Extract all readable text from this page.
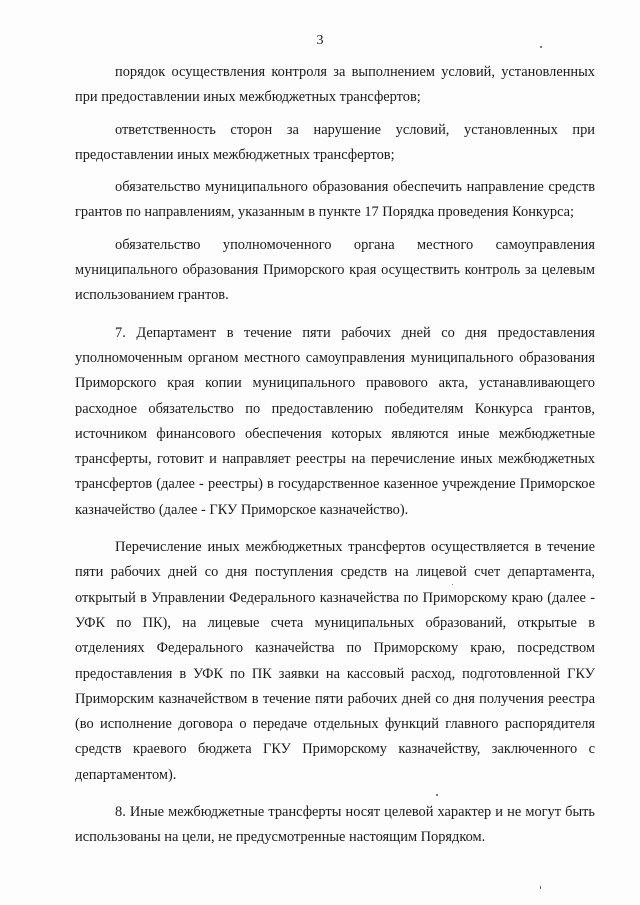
3

порядок осуществления контроля за выполнением условий, установленных при предоставлении иных межбюджетных трансфертов;

ответственность сторон за нарушение условий, установленных при предоставлении иных межбюджетных трансфертов;

обязательство муниципального образования обеспечить направление средств грантов по направлениям, указанным в пункте 17 Порядка проведения Конкурса;

обязательство уполномоченного органа местного самоуправления муниципального образования Приморского края осуществить контроль за целевым использованием грантов.

7. Департамент в течение пяти рабочих дней со дня предоставления уполномоченным органом местного самоуправления муниципального образования Приморского края копии муниципального правового акта, устанавливающего расходное обязательство по предоставлению победителям Конкурса грантов, источником финансового обеспечения которых являются иные межбюджетные трансферты, готовит и направляет реестры на перечисление иных межбюджетных трансфертов (далее - реестры) в государственное казенное учреждение Приморское казначейство (далее - ГКУ Приморское казначейство).

Перечисление иных межбюджетных трансфертов осуществляется в течение пяти рабочих дней со дня поступления средств на лицевой счет департамента, открытый в Управлении Федерального казначейства по Приморскому краю (далее - УФК по ПК), на лицевые счета муниципальных образований, открытые в отделениях Федерального казначейства по Приморскому краю, посредством предоставления в УФК по ПК заявки на кассовый расход, подготовленной ГКУ Приморским казначейством в течение пяти рабочих дней со дня получения реестра (во исполнение договора о передаче отдельных функций главного распорядителя средств краевого бюджета ГКУ Приморскому казначейству, заключенного с департаментом).

8. Иные межбюджетные трансферты носят целевой характер и не могут быть использованы на цели, не предусмотренные настоящим Порядком.
